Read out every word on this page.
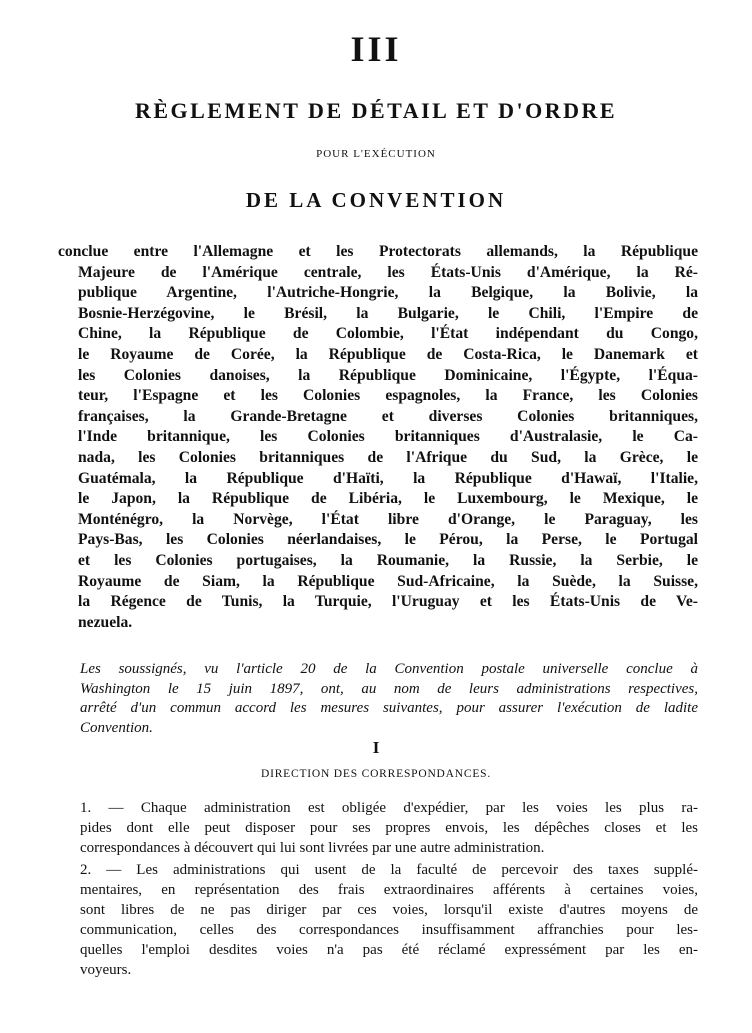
III
RÈGLEMENT DE DÉTAIL ET D'ORDRE
POUR L'EXÉCUTION
DE LA CONVENTION
conclue entre l'Allemagne et les Protectorats allemands, la République
Majeure de l'Amérique centrale, les États-Unis d'Amérique, la Ré-
publique Argentine, l'Autriche-Hongrie, la Belgique, la Bolivie, la
Bosnie-Herzégovine, le Brésil, la Bulgarie, le Chili, l'Empire de
Chine, la République de Colombie, l'État indépendant du Congo,
le Royaume de Corée, la République de Costa-Rica, le Danemark et
les Colonies danoises, la République Dominicaine, l'Égypte, l'Équa-
teur, l'Espagne et les Colonies espagnoles, la France, les Colonies
françaises, la Grande-Bretagne et diverses Colonies britanniques,
l'Inde britannique, les Colonies britanniques d'Australasie, le Ca-
nada, les Colonies britanniques de l'Afrique du Sud, la Grèce, le
Guatémala, la République d'Haïti, la République d'Hawaï, l'Italie,
le Japon, la République de Libéria, le Luxembourg, le Mexique, le
Monténégro, la Norvège, l'État libre d'Orange, le Paraguay, les
Pays-Bas, les Colonies néerlandaises, le Pérou, la Perse, le Portugal
et les Colonies portugaises, la Roumanie, la Russie, la Serbie, le
Royaume de Siam, la République Sud-Africaine, la Suède, la Suisse,
la Régence de Tunis, la Turquie, l'Uruguay et les États-Unis de Ve-
nezuela.
Les soussignés, vu l'article 20 de la Convention postale universelle conclue à
Washington le 15 juin 1897, ont, au nom de leurs administrations respectives,
arrêté d'un commun accord les mesures suivantes, pour assurer l'exécution de ladite
Convention.
I
DIRECTION DES CORRESPONDANCES.
1. — Chaque administration est obligée d'expédier, par les voies les plus ra-
pides dont elle peut disposer pour ses propres envois, les dépêches closes et les
correspondances à découvert qui lui sont livrées par une autre administration.
2. — Les administrations qui usent de la faculté de percevoir des taxes supplé-
mentaires, en représentation des frais extraordinaires afférents à certaines voies,
sont libres de ne pas diriger par ces voies, lorsqu'il existe d'autres moyens de
communication, celles des correspondances insuffisamment affranchies pour les-
quelles l'emploi desdites voies n'a pas été réclamé expressément par les en-
voyeurs.
